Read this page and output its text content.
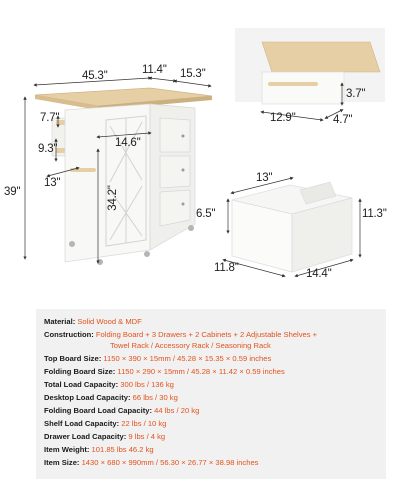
45.3''	11.4'' 15.3''
7.7''
9.3''
13''
14.6''
34.2''
39''
12.9''	4.7''
3.7''
13''
6.5''
11.8''	14.4''
11.3''
Material: Solid Wood & MDF
Construction: Folding Board + 3 Drawers + 2 Cabinets + 2 Adjustable Shelves +
Towel Rack / Accessory Rack / Seasoning Rack
Top Board Size: 1150 × 390 × 15mm / 45.28 × 15.35 × 0.59 inches
Folding Board Size: 1150 × 290 × 15mm / 45.28 × 11.42 × 0.59 inches
Total Load Capacity: 300 lbs / 136 kg
Desktop Load Capacity: 66 lbs / 30 kg
Folding Board Load Capacity: 44 lbs / 20 kg
Shelf Load Capacity: 22 lbs / 10 kg
Drawer Load Capacity: 9 lbs / 4 kg
Item Weight: 101.85 lbs 46.2 kg
Item Size: 1430 × 680 × 990mm / 56.30 × 26.77 × 38.98 inches
